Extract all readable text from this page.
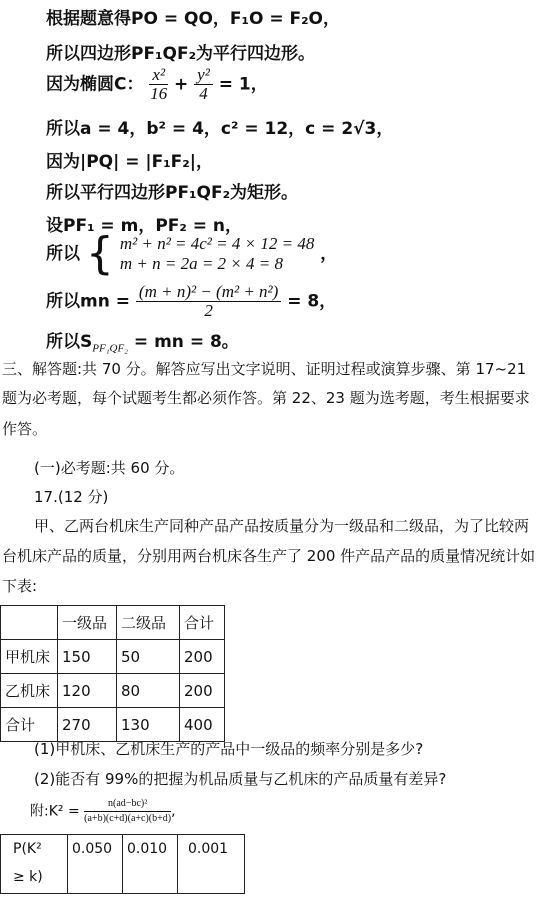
根据题意得PO = QO，F₁O = F₂O，
所以四边形PF₁QF₂为平行四边形。
因为椭圆C： $\frac{\text{x²}}{16} + \frac{\text{y²}}{4} = 1$，
所以a = 4，b² = 4，c² = 12，c = 2√3，
因为|PQ| = |F₁F₂|，
所以平行四边形PF₁QF₂为矩形。
设PF₁ = m，PF₂ = n，
所以 { m² + n² = 4c² = 4 × 12 = 48
m + n = 2a = 2 × 4 = 8	，
所以mn = $\frac{\text{(m + n)² − (m² + n²)}}{2} = 8$，
所以$S_{PF_1QF_2}$ = mn = 8。
三、解答题:共 70 分。解答应写出文字说明、证明过程或演算步骤、第 17~21
题为必考题，每个试题考生都必须作答。第 22、23 题为选考题，考生根据要求
作答。
(一)必考题:共 60 分。
17.(12 分)
甲、乙两台机床生产同种产品产品按质量分为一级品和二级品，为了比较两
台机床产品的质量，分别用两台机床各生产了 200 件产品产品的质量情况统计如
下表:
	一级品	二级品	合计
甲机床	150	50	200
乙机床	120	80	200
合计	270	130	400
(1)甲机床、乙机床生产的产品中一级品的频率分别是多少?
(2)能否有 99%的把握为机品质量与乙机床的产品质量有差异?
附:K² = $\frac{\text{n(ad−bc)²}}{(a+b)(c+d)(a+c)(b+d)}$ ,
P(K²
≥ k)
	0.050	0.010	0.001
